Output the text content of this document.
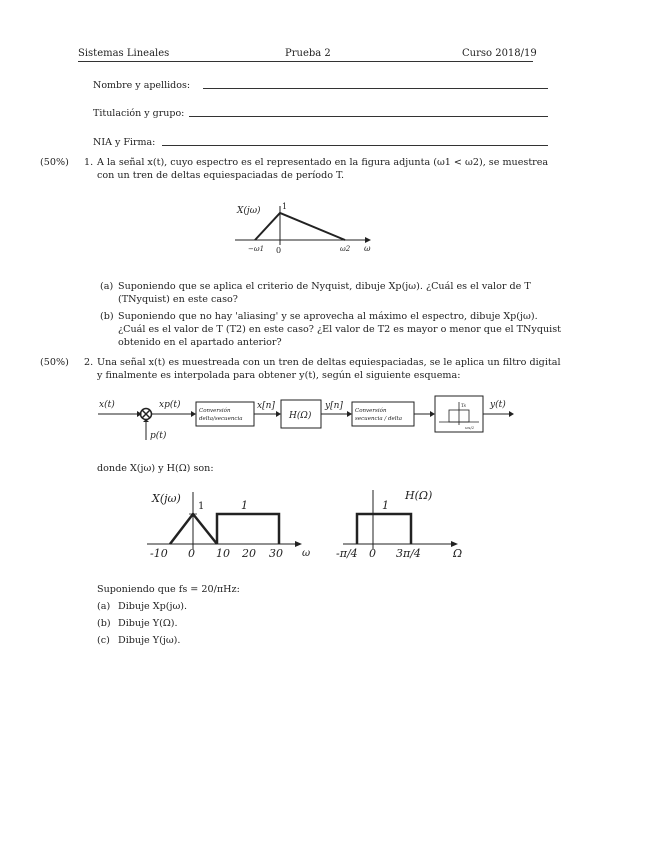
Sistemas Lineales	Prueba 2	Curso 2018/19
Nombre y apellidos:
Titulación y grupo:
NIA y Firma:
(50%) 1. A la señal x(t), cuyo espectro es el representado en la figura adjunta (ω1 < ω2), se muestrea
con un tren de deltas equiespaciadas de período T.
X(jω)	1
−ω1 0	ω2 ω
(a) Suponiendo que se aplica el criterio de Nyquist, dibuje Xp(jω). ¿Cuál es el valor de T
(TNyquist) en este caso?
(b) Suponiendo que no hay 'aliasing' y se aprovecha al máximo el espectro, dibuje Xp(jω).
¿Cuál es el valor de T (T2) en este caso? ¿El valor de T2 es mayor o menor que el TNyquist
obtenido en el apartado anterior?
(50%) 2. Una señal x(t) es muestreada con un tren de deltas equiespaciadas, se le aplica un filtro digital
y finalmente es interpolada para obtener y(t), según el siguiente esquema:
x(t)
p(t)
xp(t)
Conversión
delta/secuencia
x[n]
H(Ω)
y[n] Conversión
secuencia / delta
Ts
ωs/2
y(t)
donde X(jω) y H(Ω) son:
X(jω)
1	1
-10 0 10 20 30 ω
H(Ω)
1
-π/4 0 3π/4	Ω
Suponiendo que fs = 20/πHz:
(a) Dibuje Xp(jω).
(b) Dibuje Y(Ω).
(c) Dibuje Y(jω).
